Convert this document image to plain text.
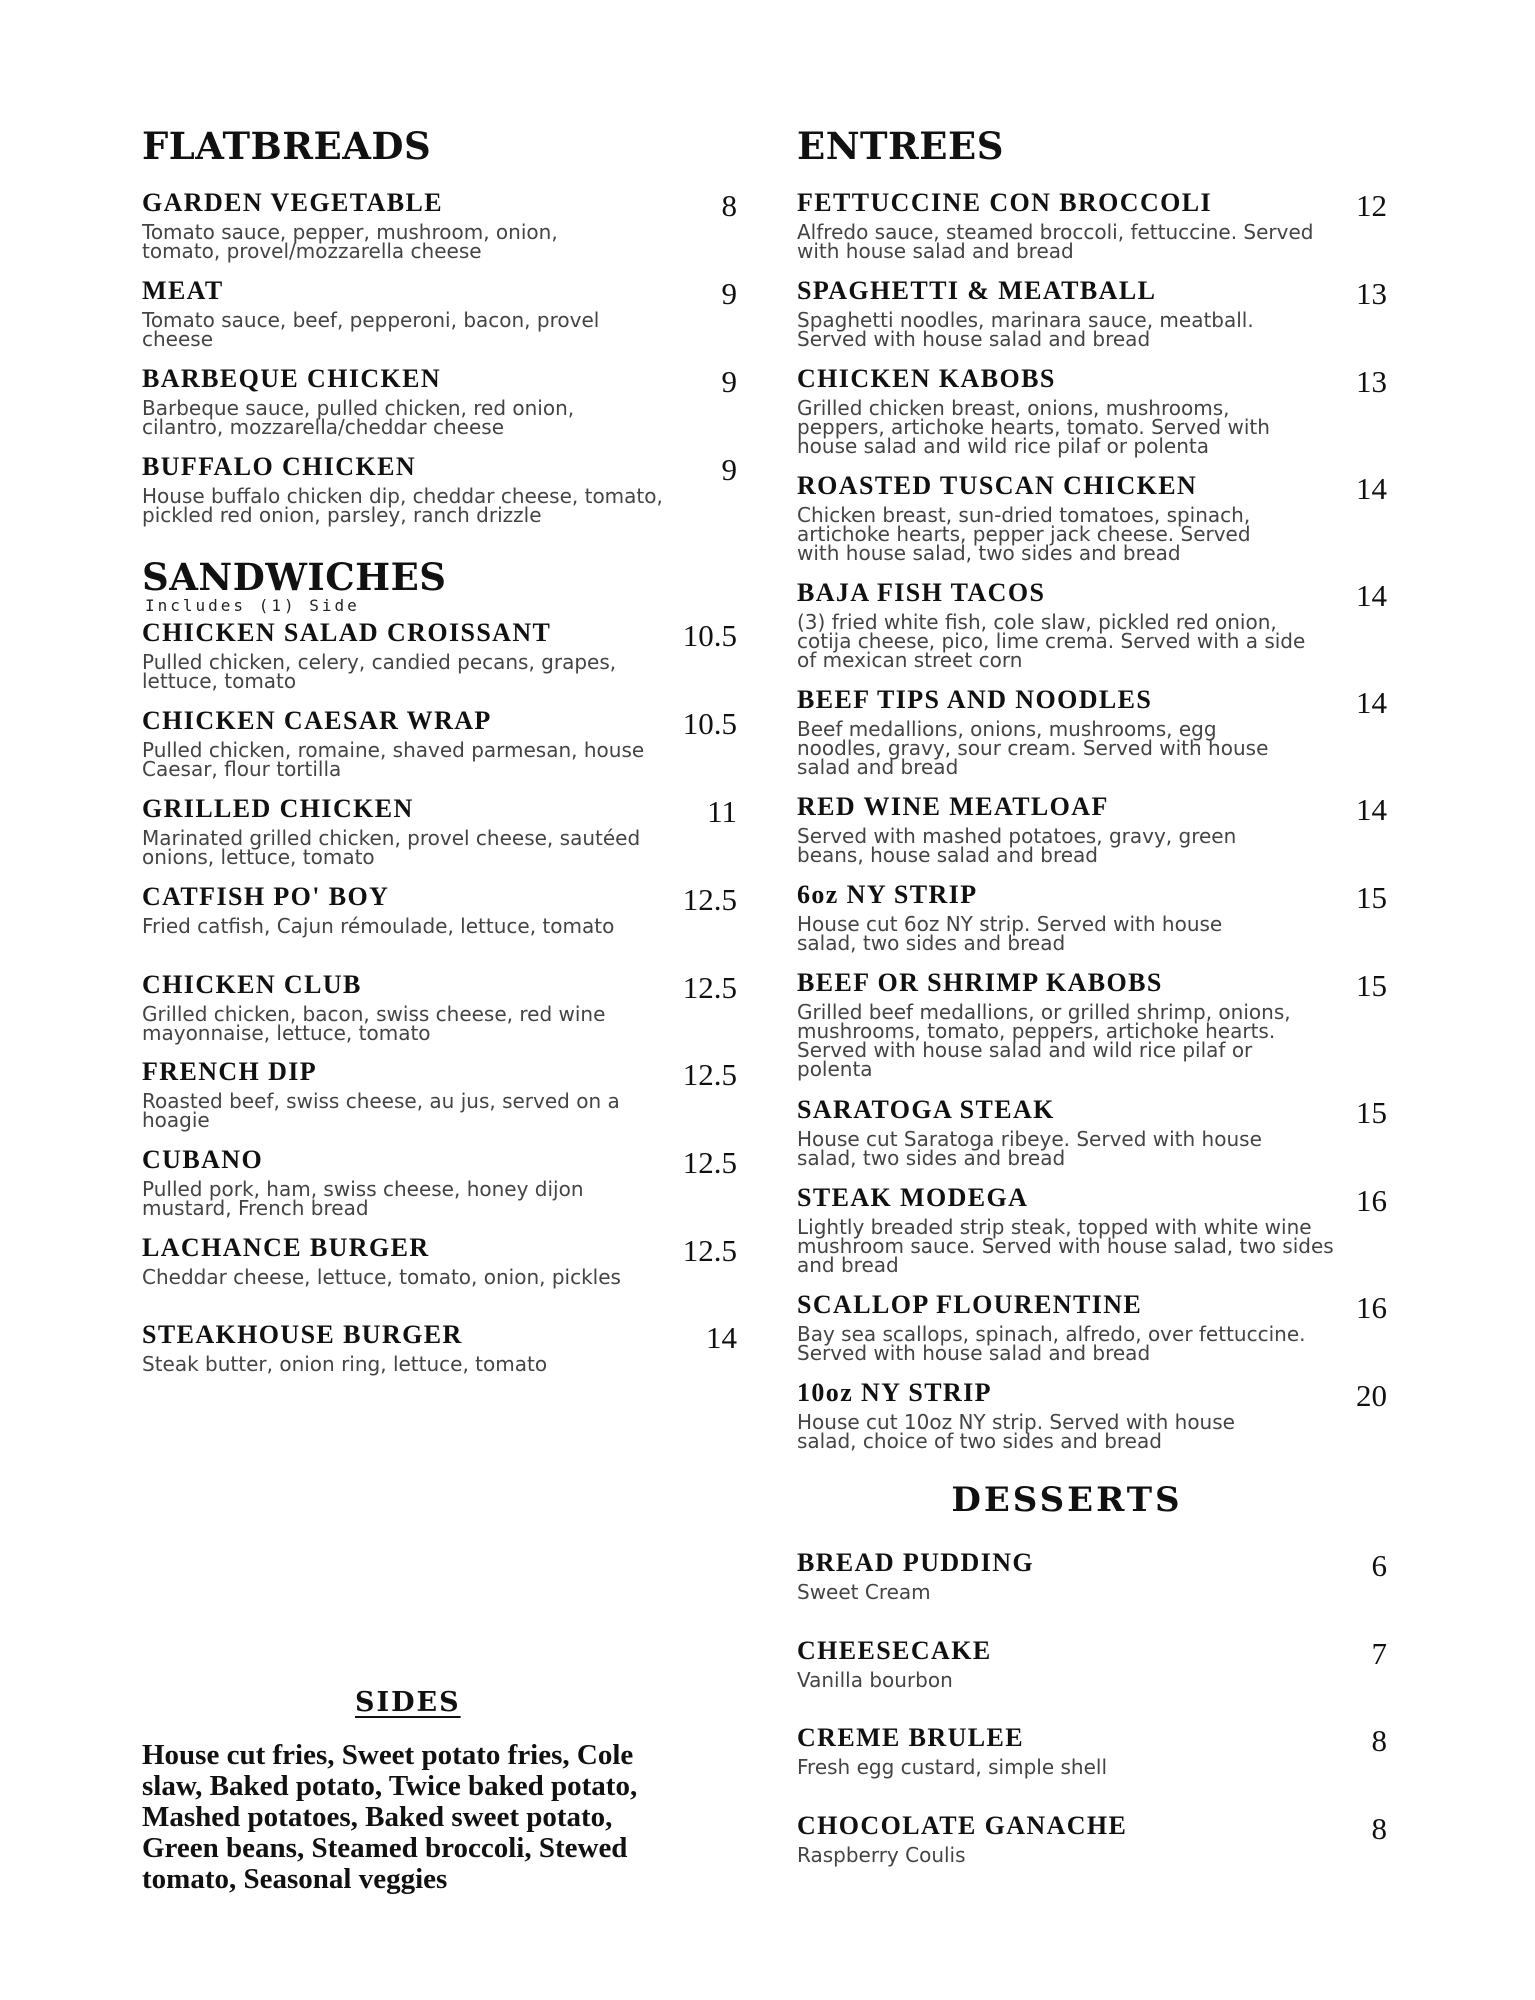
FLATBREADS
GARDEN VEGETABLE	8

Tomato sauce, pepper, mushroom, onion, tomato, provel/mozzarella cheese

MEAT	9

Tomato sauce, beef, pepperoni, bacon, provel cheese

BARBEQUE CHICKEN	9

Barbeque sauce, pulled chicken, red onion, cilantro, mozzarella/cheddar cheese

BUFFALO CHICKEN	9

House buffalo chicken dip, cheddar cheese, tomato, pickled red onion, parsley, ranch drizzle

SANDWICHES

Includes (1) Side

CHICKEN SALAD CROISSANT	10.5

Pulled chicken, celery, candied pecans, grapes, lettuce, tomato

CHICKEN CAESAR WRAP	10.5

Pulled chicken, romaine, shaved parmesan, house Caesar, flour tortilla

GRILLED CHICKEN	11

Marinated grilled chicken, provel cheese, sautéed onions, lettuce, tomato

CATFISH PO' BOY	12.5

Fried catfish, Cajun rémoulade, lettuce, tomato

CHICKEN CLUB	12.5

Grilled chicken, bacon, swiss cheese, red wine mayonnaise, lettuce, tomato

FRENCH DIP	12.5

Roasted beef, swiss cheese, au jus, served on a hoagie

CUBANO	12.5

Pulled pork, ham, swiss cheese, honey dijon mustard, French bread

LACHANCE BURGER	12.5

Cheddar cheese, lettuce, tomato, onion, pickles

STEAKHOUSE BURGER	14

Steak butter, onion ring, lettuce, tomato

SIDES

House cut fries, Sweet potato fries, Cole slaw, Baked potato, Twice baked potato, Mashed potatoes, Baked sweet potato, Green beans, Steamed broccoli, Stewed tomato, Seasonal veggies

ENTREES
FETTUCCINE CON BROCCOLI	12

Alfredo sauce, steamed broccoli, fettuccine. Served with house salad and bread

SPAGHETTI & MEATBALL	13

Spaghetti noodles, marinara sauce, meatball. Served with house salad and bread

CHICKEN KABOBS	13

Grilled chicken breast, onions, mushrooms, peppers, artichoke hearts, tomato. Served with house salad and wild rice pilaf or polenta

ROASTED TUSCAN CHICKEN	14

Chicken breast, sun-dried tomatoes, spinach, artichoke hearts, pepper jack cheese. Served with house salad, two sides and bread

BAJA FISH TACOS	14

(3) fried white fish, cole slaw, pickled red onion, cotija cheese, pico, lime crema. Served with a side of mexican street corn

BEEF TIPS AND NOODLES	14

Beef medallions, onions, mushrooms, egg noodles, gravy, sour cream. Served with house salad and bread

RED WINE MEATLOAF	14

Served with mashed potatoes, gravy, green beans, house salad and bread

6oz NY STRIP	15

House cut 6oz NY strip. Served with house salad, two sides and bread

BEEF OR SHRIMP KABOBS	15

Grilled beef medallions, or grilled shrimp, onions, mushrooms, tomato, peppers, artichoke hearts. Served with house salad and wild rice pilaf or polenta

SARATOGA STEAK	15

House cut Saratoga ribeye. Served with house salad, two sides and bread

STEAK MODEGA	16

Lightly breaded strip steak, topped with white wine mushroom sauce. Served with house salad, two sides and bread

SCALLOP FLOURENTINE	16

Bay sea scallops, spinach, alfredo, over fettuccine. Served with house salad and bread

10oz NY STRIP	20

House cut 10oz NY strip. Served with house salad, choice of two sides and bread

DESSERTS
BREAD PUDDING	6

Sweet Cream

CHEESECAKE	7

Vanilla bourbon

CREME BRULEE	8

Fresh egg custard, simple shell

CHOCOLATE GANACHE	8

Raspberry Coulis
